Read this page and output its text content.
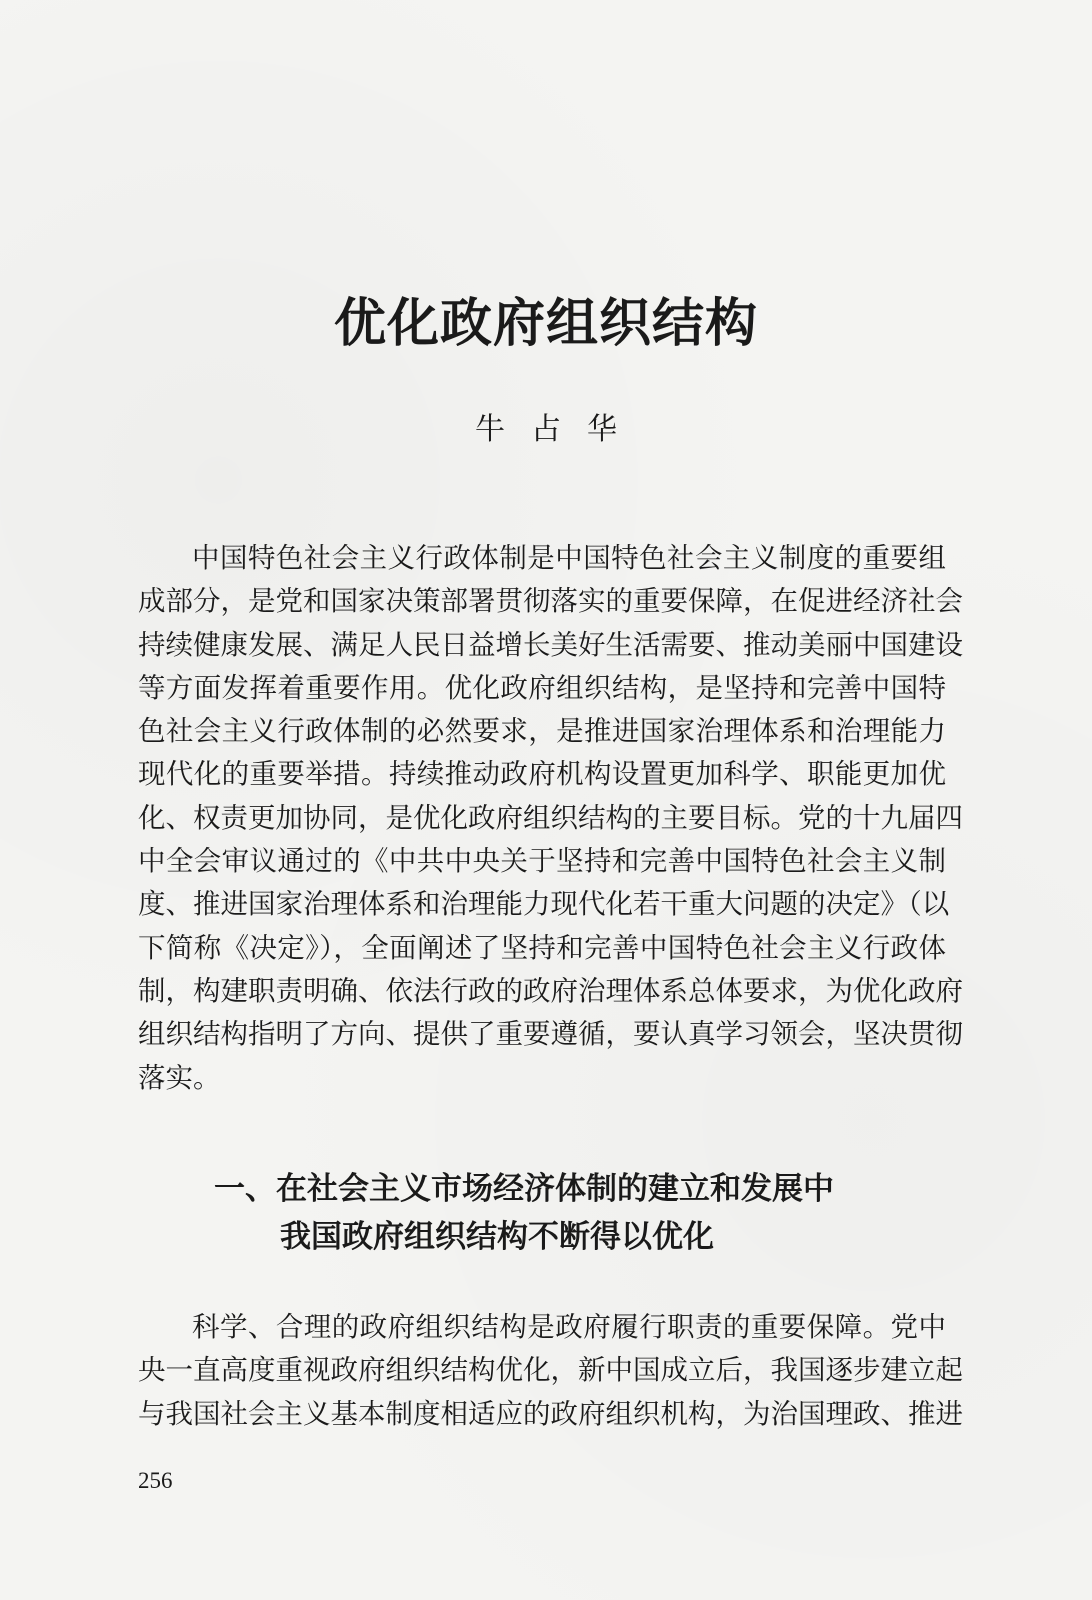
优化政府组织结构
牛占华
中国特色社会主义行政体制是中国特色社会主义制度的重要组
成部分，是党和国家决策部署贯彻落实的重要保障，在促进经济社会
持续健康发展、满足人民日益增长美好生活需要、推动美丽中国建设
等方面发挥着重要作用。优化政府组织结构，是坚持和完善中国特
色社会主义行政体制的必然要求，是推进国家治理体系和治理能力
现代化的重要举措。持续推动政府机构设置更加科学、职能更加优
化、权责更加协同，是优化政府组织结构的主要目标。党的十九届四
中全会审议通过的《中共中央关于坚持和完善中国特色社会主义制
度、推进国家治理体系和治理能力现代化若干重大问题的决定》（以
下简称《决定》），全面阐述了坚持和完善中国特色社会主义行政体
制，构建职责明确、依法行政的政府治理体系总体要求，为优化政府
组织结构指明了方向、提供了重要遵循，要认真学习领会，坚决贯彻
落实。
一、在社会主义市场经济体制的建立和发展中
我国政府组织结构不断得以优化
科学、合理的政府组织结构是政府履行职责的重要保障。党中
央一直高度重视政府组织结构优化，新中国成立后，我国逐步建立起
与我国社会主义基本制度相适应的政府组织机构，为治国理政、推进
256
